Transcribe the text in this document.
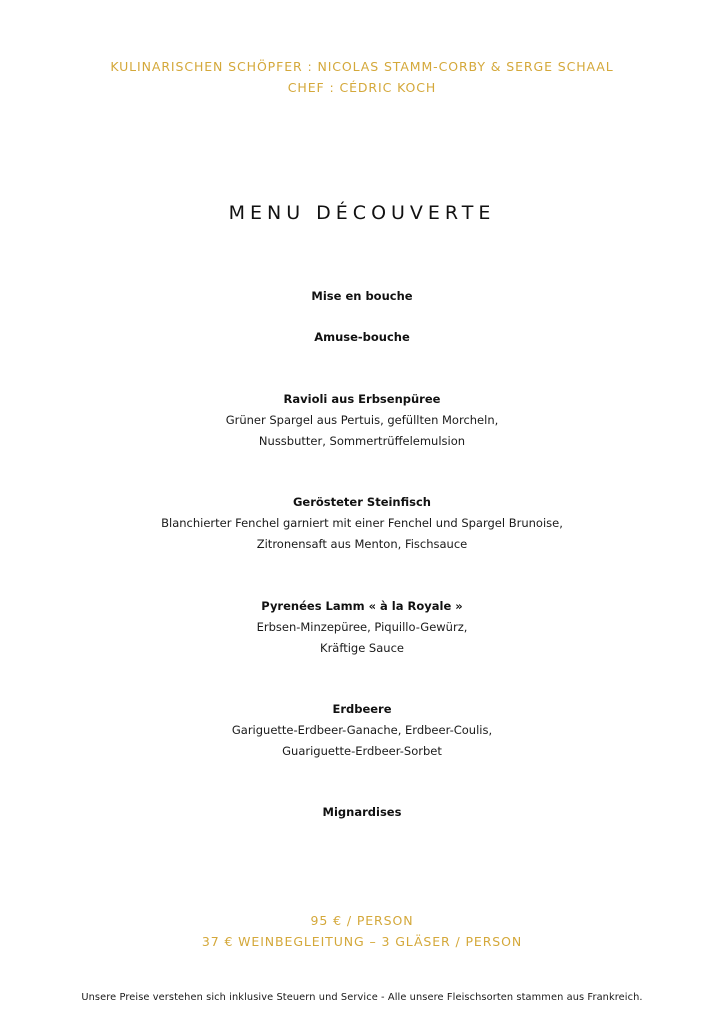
KULINARISCHEN SCHÖPFER : NICOLAS STAMM-CORBY & SERGE SCHAAL
CHEF : CÉDRIC KOCH
MENU DÉCOUVERTE
Mise en bouche
Amuse-bouche
Ravioli aus Erbsenpüree
Grüner Spargel aus Pertuis, gefüllten Morcheln,
Nussbutter, Sommertrüffelemulsion
Gerösteter Steinfisch
Blanchierter Fenchel garniert mit einer Fenchel und Spargel Brunoise,
Zitronensaft aus Menton, Fischsauce
Pyrenées Lamm « à la Royale »
Erbsen-Minzepüree, Piquillo-Gewürz,
Kräftige Sauce
Erdbeere
Gariguette-Erdbeer-Ganache, Erdbeer-Coulis,
Guariguette-Erdbeer-Sorbet
Mignardises
95 € / PERSON
37 € WEINBEGLEITUNG – 3 GLÄSER / PERSON
Unsere Preise verstehen sich inklusive Steuern und Service - Alle unsere Fleischsorten stammen aus Frankreich.
